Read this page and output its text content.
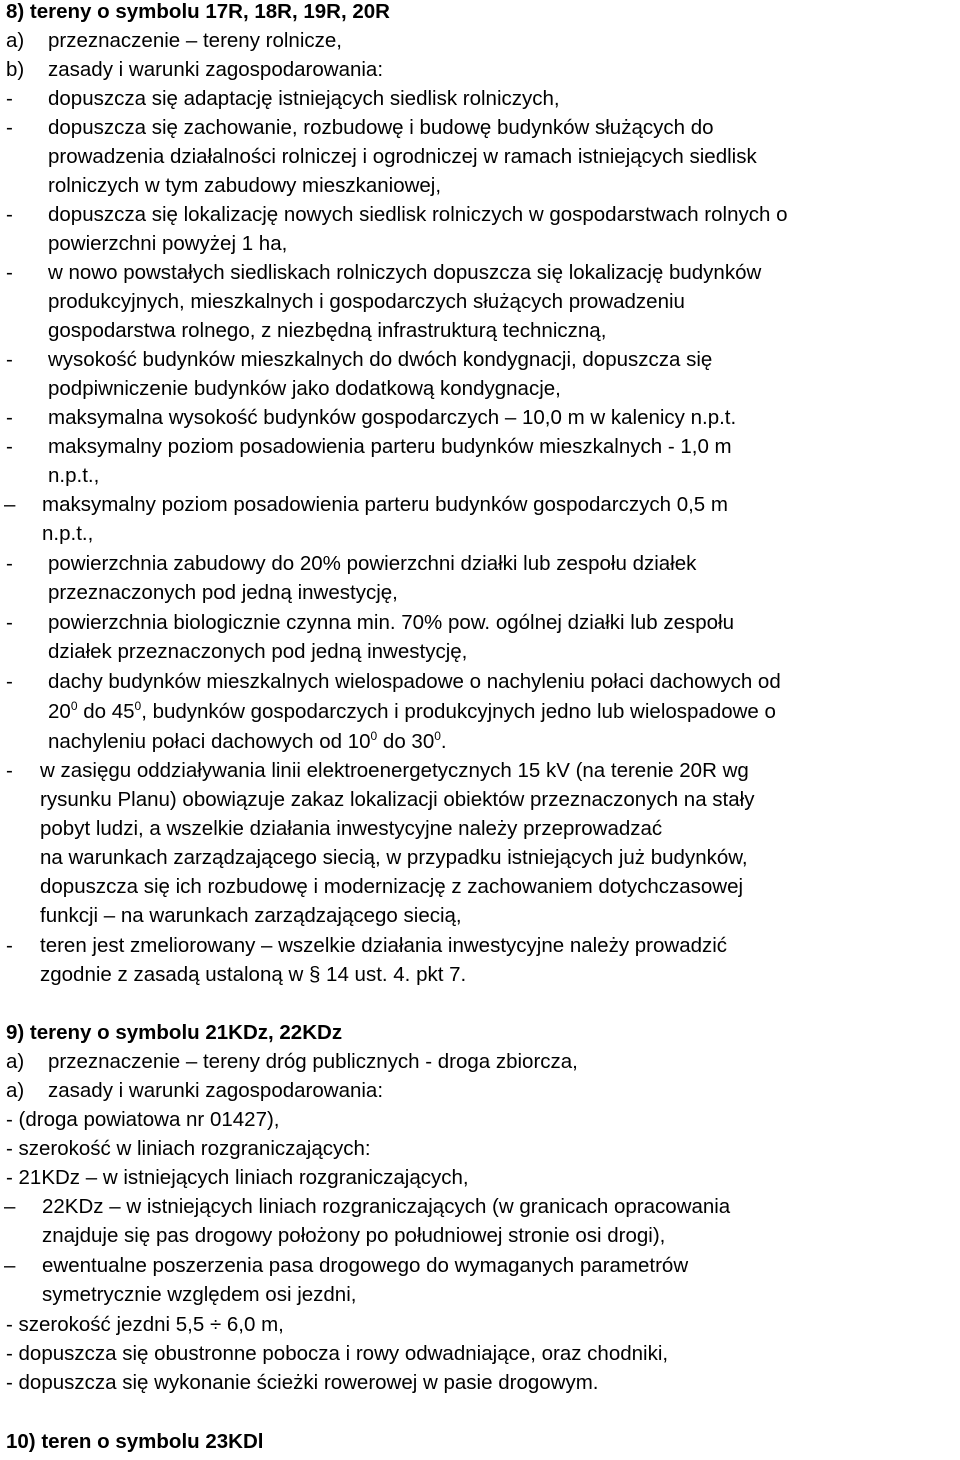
8) tereny o symbolu 17R, 18R, 19R, 20R
a) przeznaczenie – tereny rolnicze,
b) zasady i warunki zagospodarowania:
- dopuszcza się adaptację istniejących siedlisk rolniczych,
- dopuszcza się zachowanie, rozbudowę i budowę budynków służących do
prowadzenia działalności rolniczej i ogrodniczej w ramach istniejących siedlisk
rolniczych w tym zabudowy mieszkaniowej,
- dopuszcza się lokalizację nowych siedlisk rolniczych w gospodarstwach rolnych o
powierzchni powyżej 1 ha,
- w nowo powstałych siedliskach rolniczych dopuszcza się lokalizację budynków
produkcyjnych, mieszkalnych i gospodarczych służących prowadzeniu
gospodarstwa rolnego, z niezbędną infrastrukturą techniczną,
- wysokość budynków mieszkalnych do dwóch kondygnacji, dopuszcza się
podpiwniczenie budynków jako dodatkową kondygnacje,
- maksymalna wysokość budynków gospodarczych – 10,0 m w kalenicy n.p.t.
- maksymalny poziom posadowienia parteru budynków mieszkalnych - 1,0 m
n.p.t.,
– maksymalny poziom posadowienia parteru budynków gospodarczych 0,5 m
n.p.t.,
- powierzchnia zabudowy do 20% powierzchni działki lub zespołu działek
przeznaczonych pod jedną inwestycję,
- powierzchnia biologicznie czynna min. 70% pow. ogólnej działki lub zespołu
działek przeznaczonych pod jedną inwestycję,
- dachy budynków mieszkalnych wielospadowe o nachyleniu połaci dachowych od
$20^0$ do $45^0$, budynków gospodarczych i produkcyjnych jedno lub wielospadowe o
nachyleniu połaci dachowych od $10^0$ do $30^0$.
- w zasięgu oddziaływania linii elektroenergetycznych 15 kV (na terenie 20R wg
rysunku Planu) obowiązuje zakaz lokalizacji obiektów przeznaczonych na stały
pobyt ludzi, a wszelkie działania inwestycyjne należy przeprowadzać
na warunkach zarządzającego siecią, w przypadku istniejących już budynków,
dopuszcza się ich rozbudowę i modernizację z zachowaniem dotychczasowej
funkcji – na warunkach zarządzającego siecią,
- teren jest zmeliorowany – wszelkie działania inwestycyjne należy prowadzić
zgodnie z zasadą ustaloną w § 14 ust. 4. pkt 7.
9) tereny o symbolu 21KDz, 22KDz
a) przeznaczenie – tereny dróg publicznych - droga zbiorcza,
a) zasady i warunki zagospodarowania:
- (droga powiatowa nr 01427),
- szerokość w liniach rozgraniczających:
- 21KDz – w istniejących liniach rozgraniczających,
– 22KDz – w istniejących liniach rozgraniczających (w granicach opracowania
znajduje się pas drogowy położony po południowej stronie osi drogi),
– ewentualne poszerzenia pasa drogowego do wymaganych parametrów
symetrycznie względem osi jezdni,
- szerokość jezdni 5,5 ÷ 6,0 m,
- dopuszcza się obustronne pobocza i rowy odwadniające, oraz chodniki,
- dopuszcza się wykonanie ścieżki rowerowej w pasie drogowym.
10) teren o symbolu 23KDl
